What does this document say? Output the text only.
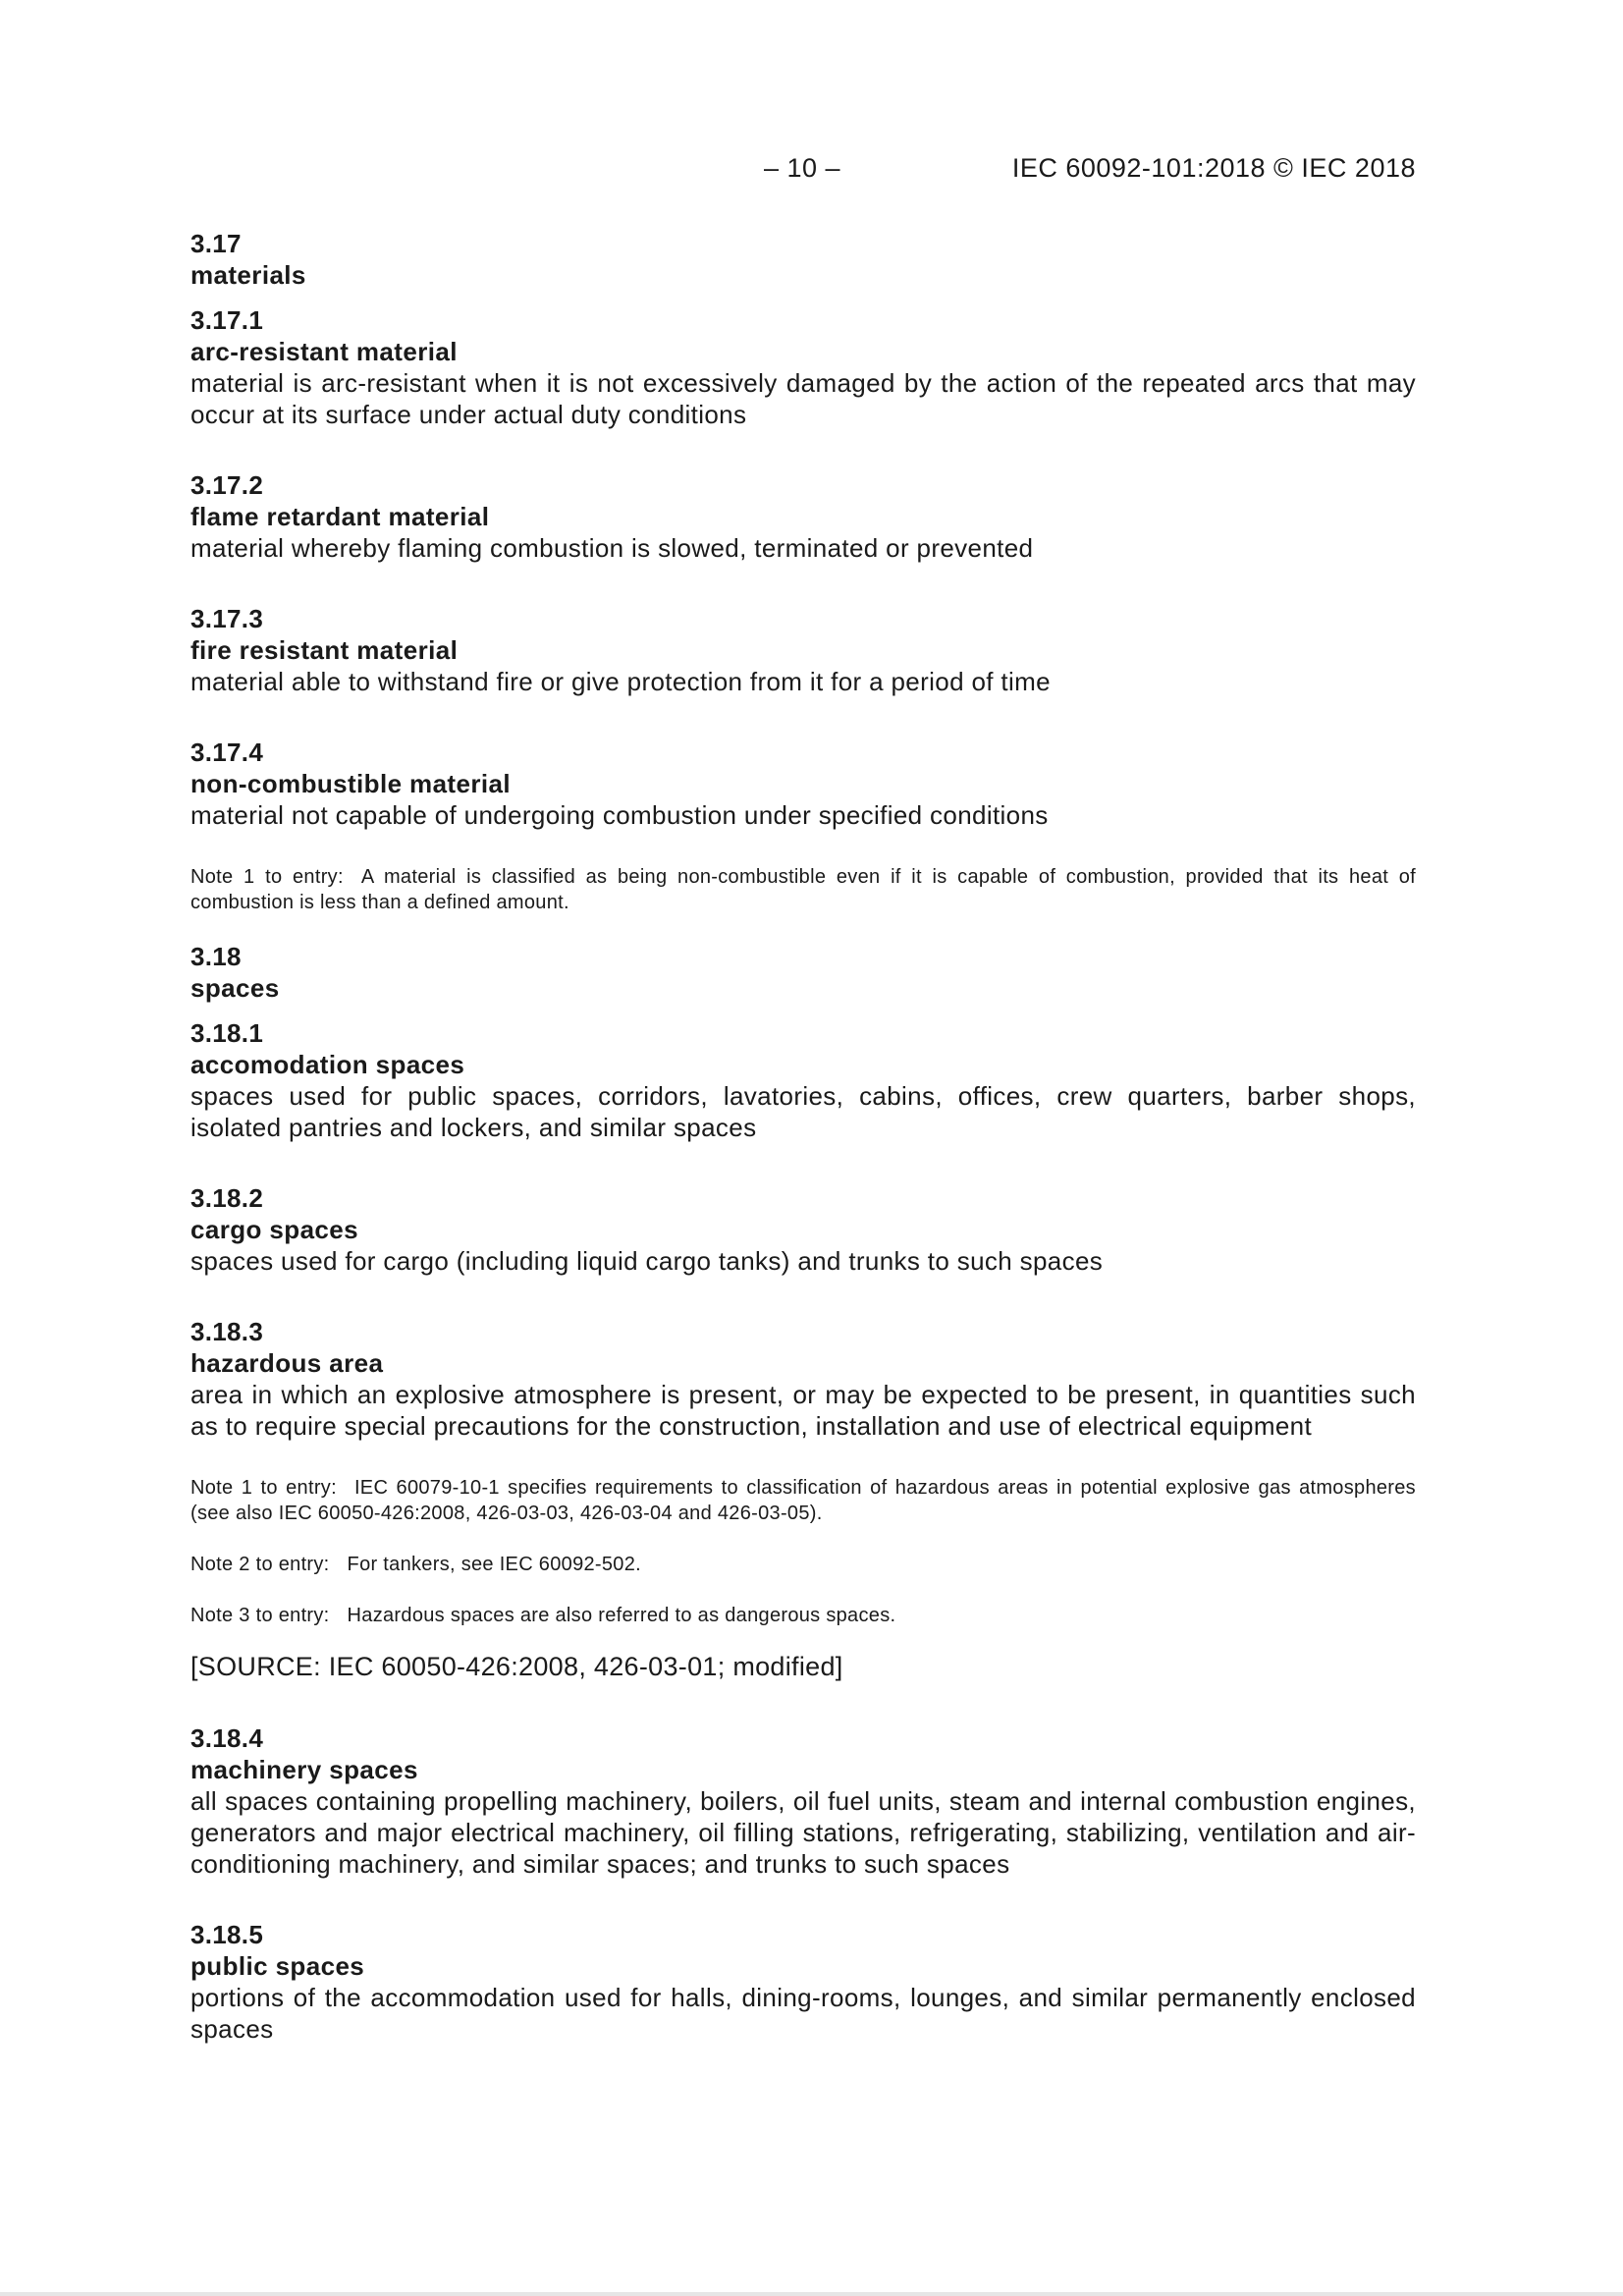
– 10 –	IEC 60092-101:2018 © IEC 2018
3.17
materials
3.17.1
arc-resistant material
material is arc-resistant when it is not excessively damaged by the action of the repeated arcs that may occur at its surface under actual duty conditions
3.17.2
flame retardant material
material whereby flaming combustion is slowed, terminated or prevented
3.17.3
fire resistant material
material able to withstand fire or give protection from it for a period of time
3.17.4
non-combustible material
material not capable of undergoing combustion under specified conditions
Note 1 to entry: A material is classified as being non-combustible even if it is capable of combustion, provided that its heat of combustion is less than a defined amount.
3.18
spaces
3.18.1
accomodation spaces
spaces used for public spaces, corridors, lavatories, cabins, offices, crew quarters, barber shops, isolated pantries and lockers, and similar spaces
3.18.2
cargo spaces
spaces used for cargo (including liquid cargo tanks) and trunks to such spaces
3.18.3
hazardous area
area in which an explosive atmosphere is present, or may be expected to be present, in quantities such as to require special precautions for the construction, installation and use of electrical equipment
Note 1 to entry: IEC 60079-10-1 specifies requirements to classification of hazardous areas in potential explosive gas atmospheres (see also IEC 60050-426:2008, 426-03-03, 426-03-04 and 426-03-05).
Note 2 to entry: For tankers, see IEC 60092-502.
Note 3 to entry: Hazardous spaces are also referred to as dangerous spaces.
[SOURCE: IEC 60050-426:2008, 426-03-01; modified]
3.18.4
machinery spaces
all spaces containing propelling machinery, boilers, oil fuel units, steam and internal combustion engines, generators and major electrical machinery, oil filling stations, refrigerating, stabilizing, ventilation and air-conditioning machinery, and similar spaces; and trunks to such spaces
3.18.5
public spaces
portions of the accommodation used for halls, dining-rooms, lounges, and similar permanently enclosed spaces
